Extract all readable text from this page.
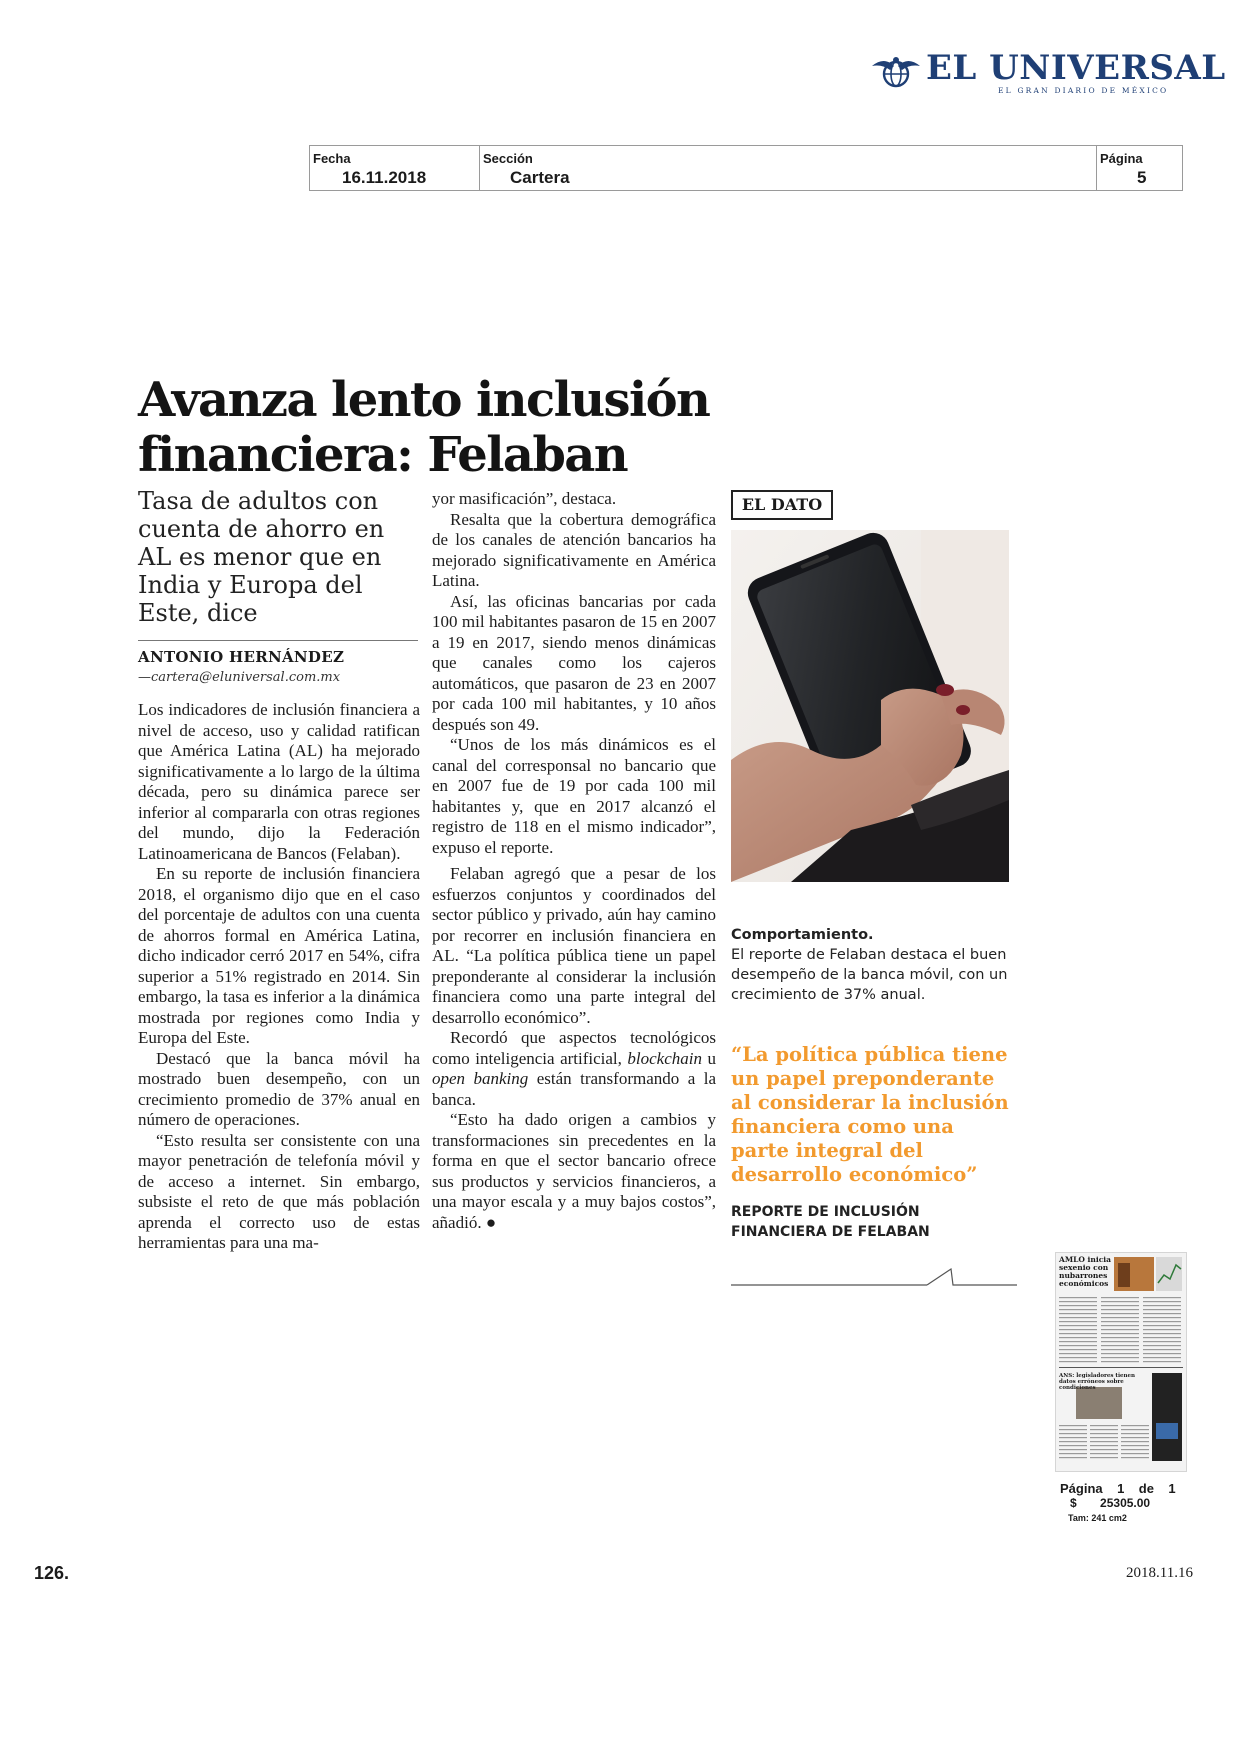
EL UNIVERSAL
EL GRAN DIARIO DE MÉXICO
Fecha
16.11.2018
Sección
Cartera
Página
5
Avanza lento inclusión
financiera: Felaban
Tasa de adultos con cuenta de ahorro en AL es menor que en India y Europa del Este, dice
ANTONIO HERNÁNDEZ
—cartera@eluniversal.com.mx

Los indicadores de inclusión financiera a nivel de acceso, uso y calidad ratifican que América Latina (AL) ha mejorado significativamente a lo largo de la última década, pero su dinámica parece ser inferior al compararla con otras regiones del mundo, dijo la Federación Latinoamericana de Bancos (Felaban).

En su reporte de inclusión financiera 2018, el organismo dijo que en el caso del porcentaje de adultos con una cuenta de ahorros formal en América Latina, dicho indicador cerró 2017 en 54%, cifra superior a 51% registrado en 2014. Sin embargo, la tasa es inferior a la dinámica mostrada por regiones como India y Europa del Este.

Destacó que la banca móvil ha mostrado buen desempeño, con un crecimiento promedio de 37% anual en número de operaciones.

“Esto resulta ser consistente con una mayor penetración de telefonía móvil y de acceso a internet. Sin embargo, subsiste el reto de que más población aprenda el correcto uso de estas herramientas para una ma-

yor masificación”, destaca.

Resalta que la cobertura demográfica de los canales de atención bancarios ha mejorado significativamente en América Latina.

Así, las oficinas bancarias por cada 100 mil habitantes pasaron de 15 en 2007 a 19 en 2017, siendo menos dinámicas que canales como los cajeros automáticos, que pasaron de 23 en 2007 por cada 100 mil habitantes, y 10 años después son 49.

“Unos de los más dinámicos es el canal del corresponsal no bancario que en 2007 fue de 19 por cada 100 mil habitantes y, que en 2017 alcanzó el registro de 118 en el mismo indicador”, expuso el reporte.

Felaban agregó que a pesar de los esfuerzos conjuntos y coordinados del sector público y privado, aún hay camino por recorrer en inclusión financiera en AL. “La política pública tiene un papel preponderante al considerar la inclusión financiera como una parte integral del desarrollo económico”.

Recordó que aspectos tecnológicos como inteligencia artificial, blockchain u open banking están transformando a la banca.

“Esto ha dado origen a cambios y transformaciones sin precedentes en la forma en que el sector bancario ofrece sus productos y servicios financieros, a una mayor escala y a muy bajos costos”, añadió. ●

EL DATO
Comportamiento.
El reporte de Felaban destaca el buen desempeño de la banca móvil, con un crecimiento de 37% anual.
“La política pública tiene un papel preponderante al considerar la inclusión financiera como una parte integral del desarrollo económico”
REPORTE DE INCLUSIÓN FINANCIERA DE FELABAN
AMLO inicia sexenio con nubarrones económicos
ANS: legisladores tienen datos erróneos sobre condiciones
Página 1 de 1
$ 25305.00
Tam: 241 cm2
126.	2018.11.16
